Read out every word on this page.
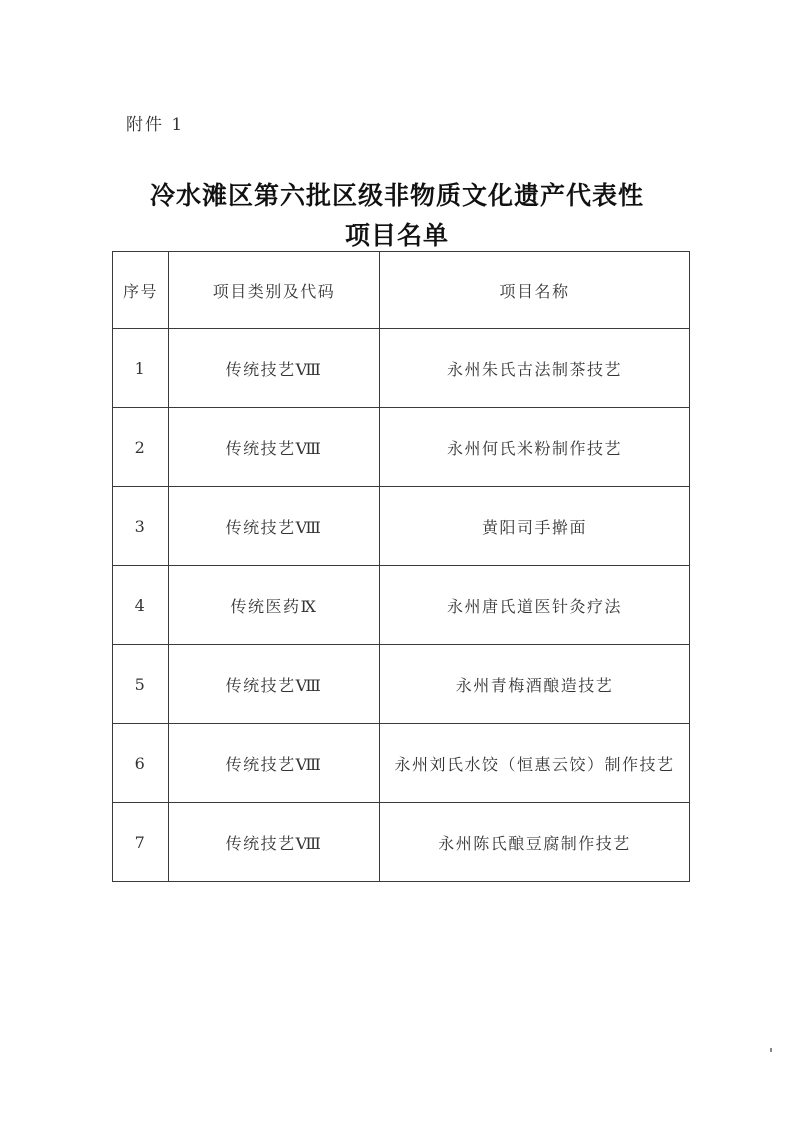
附件 1
冷水滩区第六批区级非物质文化遗产代表性
项目名单
序号	项目类别及代码	项目名称
1	传统技艺Ⅷ	永州朱氏古法制茶技艺
2	传统技艺Ⅷ	永州何氏米粉制作技艺
3	传统技艺Ⅷ	黄阳司手擀面
4	传统医药Ⅸ	永州唐氏道医针灸疗法
5	传统技艺Ⅷ	永州青梅酒酿造技艺
6	传统技艺Ⅷ	永州刘氏水饺（恒惠云饺）制作技艺
7	传统技艺Ⅷ	永州陈氏酿豆腐制作技艺
